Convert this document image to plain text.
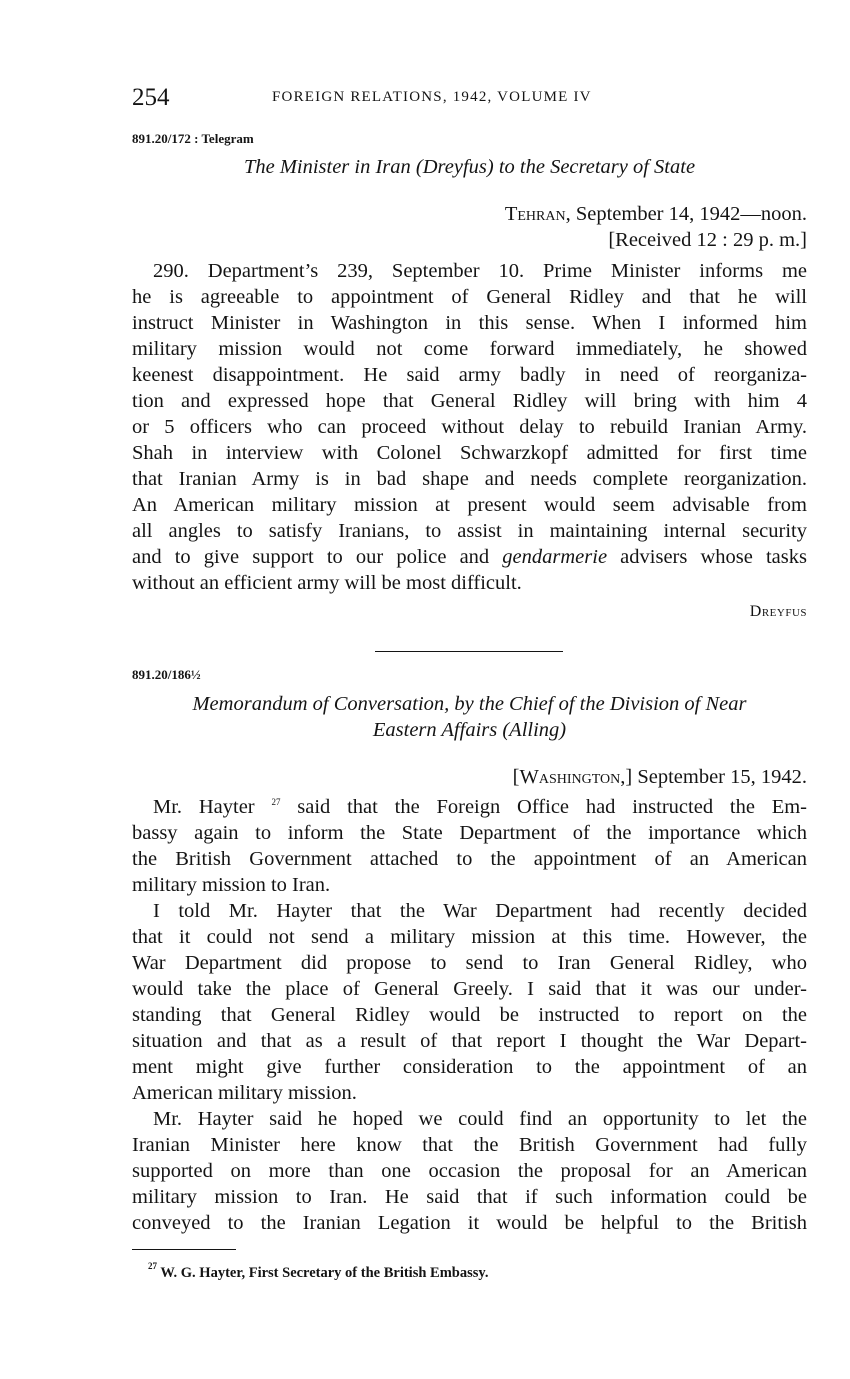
254	FOREIGN RELATIONS, 1942, VOLUME IV
891.20/172 : Telegram
The Minister in Iran (Dreyfus) to the Secretary of State
Tehran, September 14, 1942—noon.
[Received 12 : 29 p. m.]
290. Department’s 239, September 10. Prime Minister informs me
he is agreeable to appointment of General Ridley and that he will
instruct Minister in Washington in this sense. When I informed him
military mission would not come forward immediately, he showed
keenest disappointment. He said army badly in need of reorganiza-
tion and expressed hope that General Ridley will bring with him 4
or 5 officers who can proceed without delay to rebuild Iranian Army.
Shah in interview with Colonel Schwarzkopf admitted for first time
that Iranian Army is in bad shape and needs complete reorganization.
An American military mission at present would seem advisable from
all angles to satisfy Iranians, to assist in maintaining internal security
and to give support to our police and gendarmerie advisers whose tasks
without an efficient army will be most difficult.
Dreyfus
891.20/186½
Memorandum of Conversation, by the Chief of the Division of Near
Eastern Affairs (Alling)
[Washington,] September 15, 1942.
Mr. Hayter $^{27}$ said that the Foreign Office had instructed the Em-
bassy again to inform the State Department of the importance which
the British Government attached to the appointment of an American
military mission to Iran.
I told Mr. Hayter that the War Department had recently decided
that it could not send a military mission at this time. However, the
War Department did propose to send to Iran General Ridley, who
would take the place of General Greely. I said that it was our under-
standing that General Ridley would be instructed to report on the
situation and that as a result of that report I thought the War Depart-
ment might give further consideration to the appointment of an
American military mission.
Mr. Hayter said he hoped we could find an opportunity to let the
Iranian Minister here know that the British Government had fully
supported on more than one occasion the proposal for an American
military mission to Iran. He said that if such information could be
conveyed to the Iranian Legation it would be helpful to the British
$^{27}$ W. G. Hayter, First Secretary of the British Embassy.
